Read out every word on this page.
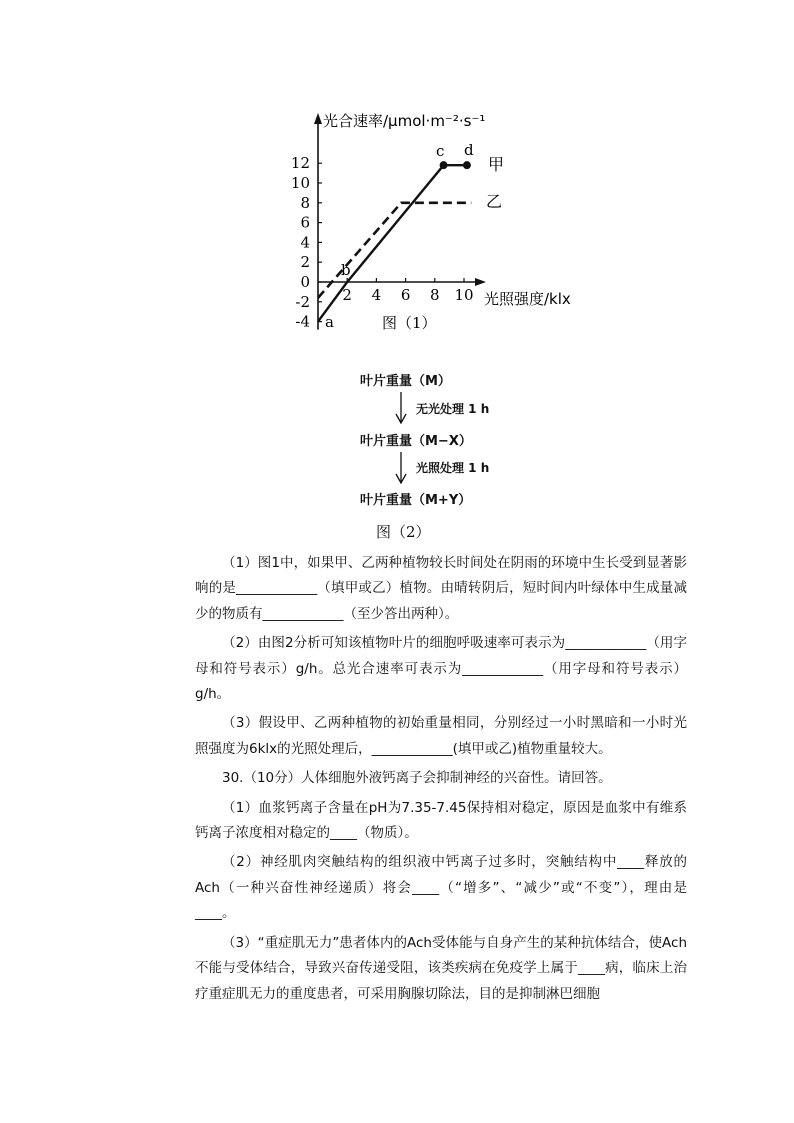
-4
-2
0
2
4
6
8
10
12
2 4 6 8 10
光合速率/μmol·m⁻²·s⁻¹
光照强度/klx
图（1）
a
b
c d
甲
乙
叶片重量（M）
无光处理 1 h
叶片重量（M−X）
光照处理 1 h
叶片重量（M+Y）
图（2）

（1）图1中，如果甲、乙两种植物较长时间处在阴雨的环境中生长受到显著影响的是____________（填甲或乙）植物。由晴转阴后，短时间内叶绿体中生成量减少的物质有____________（至少答出两种）。

（2）由图2分析可知该植物叶片的细胞呼吸速率可表示为____________（用字母和符号表示）g/h。总光合速率可表示为____________（用字母和符号表示）g/h。

（3）假设甲、乙两种植物的初始重量相同，分别经过一小时黑暗和一小时光照强度为6klx的光照处理后，____________(填甲或乙)植物重量较大。

30.（10分）人体细胞外液钙离子会抑制神经的兴奋性。请回答。

（1）血浆钙离子含量在pH为7.35-7.45保持相对稳定，原因是血浆中有维系钙离子浓度相对稳定的____（物质）。

（2）神经肌肉突触结构的组织液中钙离子过多时，突触结构中____释放的Ach（一种兴奋性神经递质）将会____（“增多”、“减少”或“不变”），理由是____。

（3）“重症肌无力”患者体内的Ach受体能与自身产生的某种抗体结合，使Ach不能与受体结合，导致兴奋传递受阻，该类疾病在免疫学上属于____病，临床上治疗重症肌无力的重度患者，可采用胸腺切除法，目的是抑制淋巴细胞
